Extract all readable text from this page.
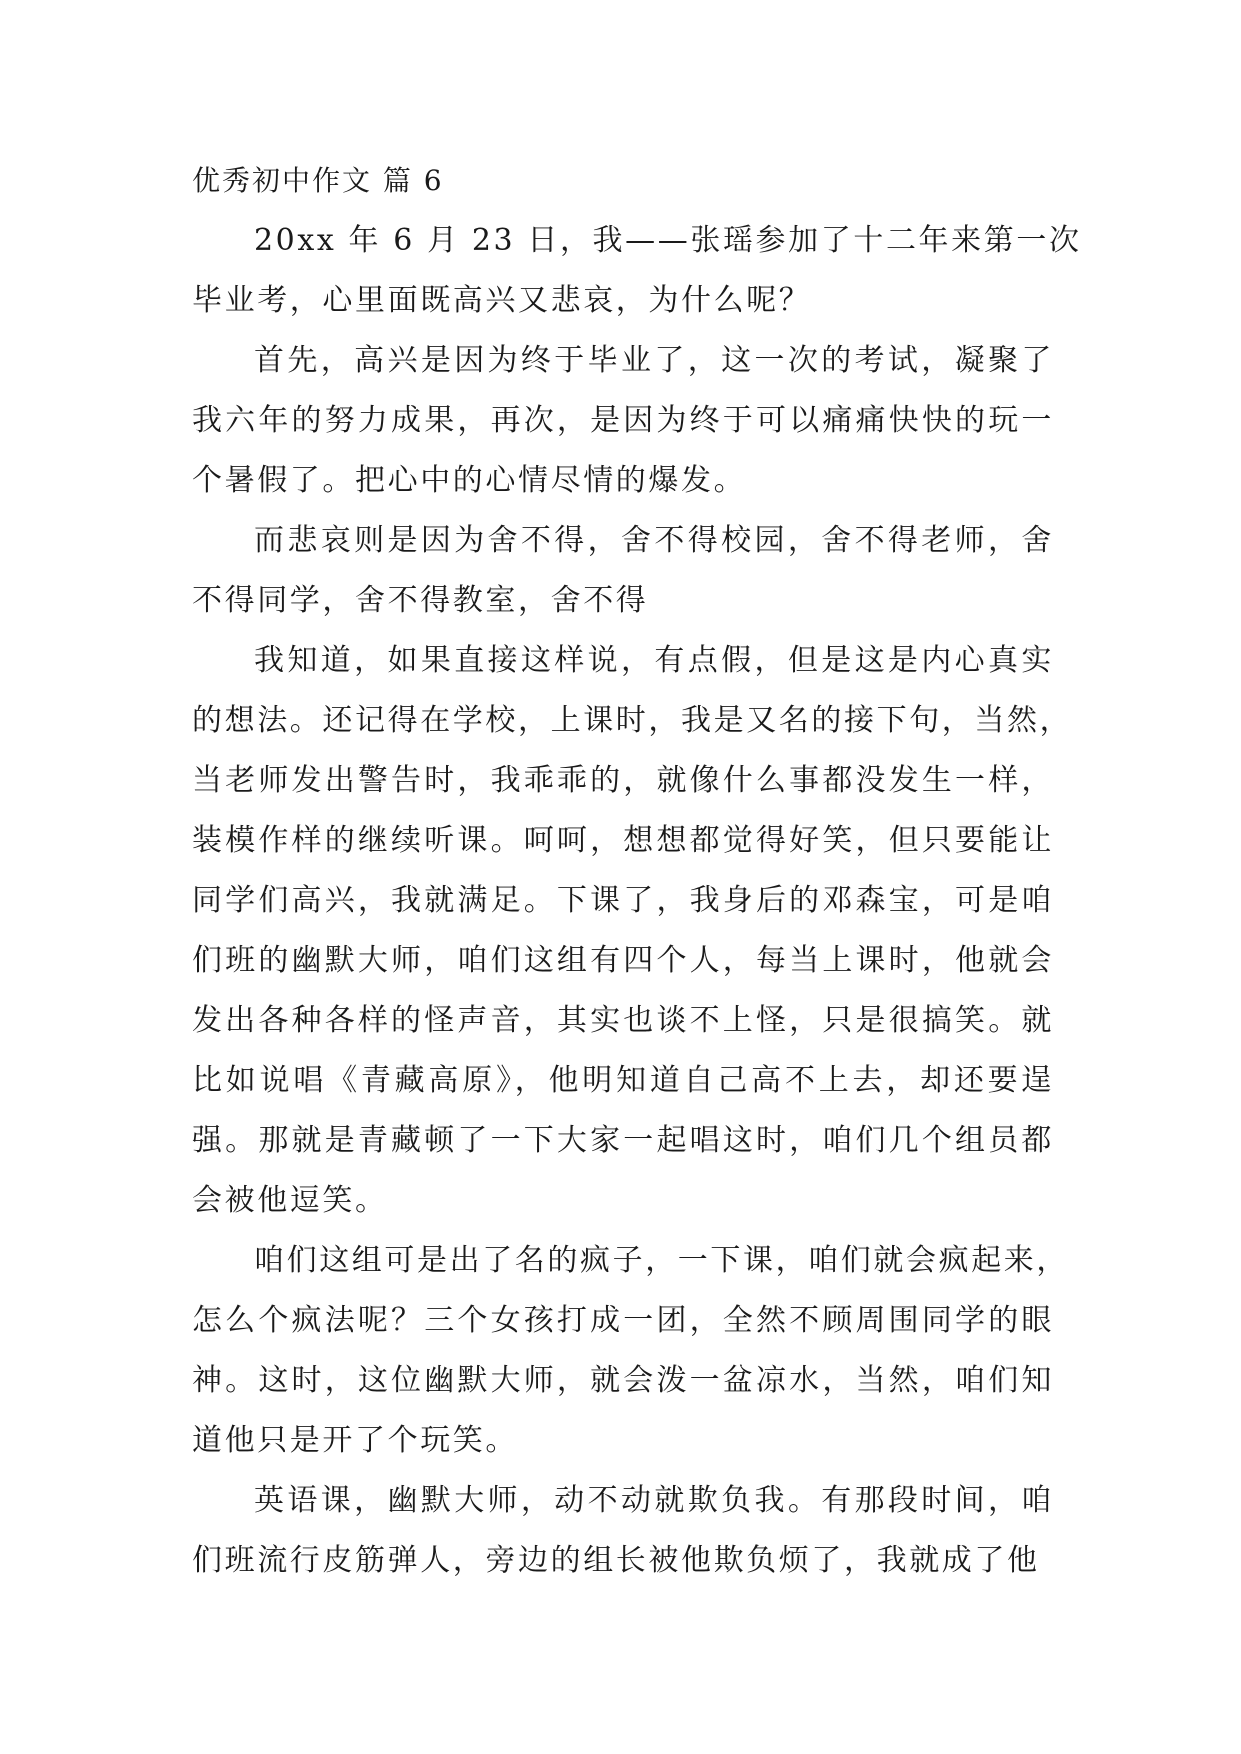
优秀初中作文 篇 6

20xx 年 6 月 23 日，我——张瑶参加了十二年来第一次
毕业考，心里面既高兴又悲哀，为什么呢？

首先，高兴是因为终于毕业了，这一次的考试，凝聚了
我六年的努力成果，再次，是因为终于可以痛痛快快的玩一
个暑假了。把心中的心情尽情的爆发。

而悲哀则是因为舍不得，舍不得校园，舍不得老师，舍
不得同学，舍不得教室，舍不得

我知道，如果直接这样说，有点假，但是这是内心真实
的想法。还记得在学校，上课时，我是又名的接下句，当然，
当老师发出警告时，我乖乖的，就像什么事都没发生一样，
装模作样的继续听课。呵呵，想想都觉得好笑，但只要能让
同学们高兴，我就满足。下课了，我身后的邓森宝，可是咱
们班的幽默大师，咱们这组有四个人，每当上课时，他就会
发出各种各样的怪声音，其实也谈不上怪，只是很搞笑。就
比如说唱《青藏高原》，他明知道自己高不上去，却还要逞
强。那就是青藏顿了一下大家一起唱这时，咱们几个组员都
会被他逗笑。

咱们这组可是出了名的疯子，一下课，咱们就会疯起来，
怎么个疯法呢？三个女孩打成一团，全然不顾周围同学的眼
神。这时，这位幽默大师，就会泼一盆凉水，当然，咱们知
道他只是开了个玩笑。

英语课，幽默大师，动不动就欺负我。有那段时间，咱
们班流行皮筋弹人，旁边的组长被他欺负烦了，我就成了他
